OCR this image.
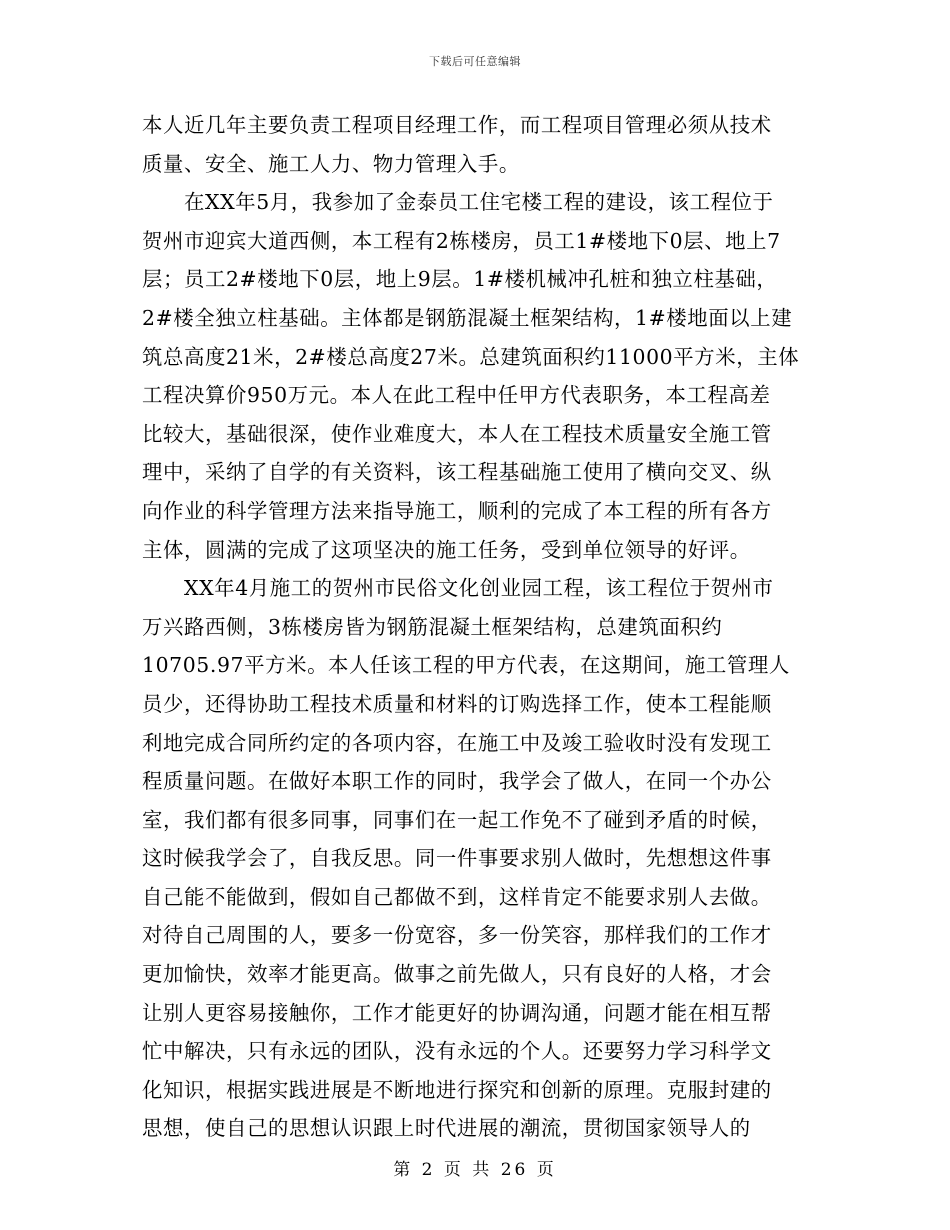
下载后可任意编辑
本人近几年主要负责工程项目经理工作，而工程项目管理必须从技术
质量、安全、施工人力、物力管理入手。
　　在XX年5月，我参加了金泰员工住宅楼工程的建设，该工程位于
贺州市迎宾大道西侧，本工程有2栋楼房，员工1#楼地下0层、地上7
层；员工2#楼地下0层，地上9层。1#楼机械冲孔桩和独立柱基础，
2#楼全独立柱基础。主体都是钢筋混凝土框架结构，1#楼地面以上建
筑总高度21米，2#楼总高度27米。总建筑面积约11000平方米，主体
工程决算价950万元。本人在此工程中任甲方代表职务，本工程高差
比较大，基础很深，使作业难度大，本人在工程技术质量安全施工管
理中，采纳了自学的有关资料，该工程基础施工使用了横向交叉、纵
向作业的科学管理方法来指导施工，顺利的完成了本工程的所有各方
主体，圆满的完成了这项坚决的施工任务，受到单位领导的好评。
　　XX年4月施工的贺州市民俗文化创业园工程，该工程位于贺州市
万兴路西侧，3栋楼房皆为钢筋混凝土框架结构，总建筑面积约
10705.97平方米。本人任该工程的甲方代表，在这期间，施工管理人
员少，还得协助工程技术质量和材料的订购选择工作，使本工程能顺
利地完成合同所约定的各项内容，在施工中及竣工验收时没有发现工
程质量问题。在做好本职工作的同时，我学会了做人，在同一个办公
室，我们都有很多同事，同事们在一起工作免不了碰到矛盾的时候，
这时候我学会了，自我反思。同一件事要求别人做时，先想想这件事
自己能不能做到，假如自己都做不到，这样肯定不能要求别人去做。
对待自己周围的人，要多一份宽容，多一份笑容，那样我们的工作才
更加愉快，效率才能更高。做事之前先做人，只有良好的人格，才会
让别人更容易接触你，工作才能更好的协调沟通，问题才能在相互帮
忙中解决，只有永远的团队，没有永远的个人。还要努力学习科学文
化知识，根据实践进展是不断地进行探究和创新的原理。克服封建的
思想，使自己的思想认识跟上时代进展的潮流，贯彻国家领导人的
第 2 页 共 26 页
